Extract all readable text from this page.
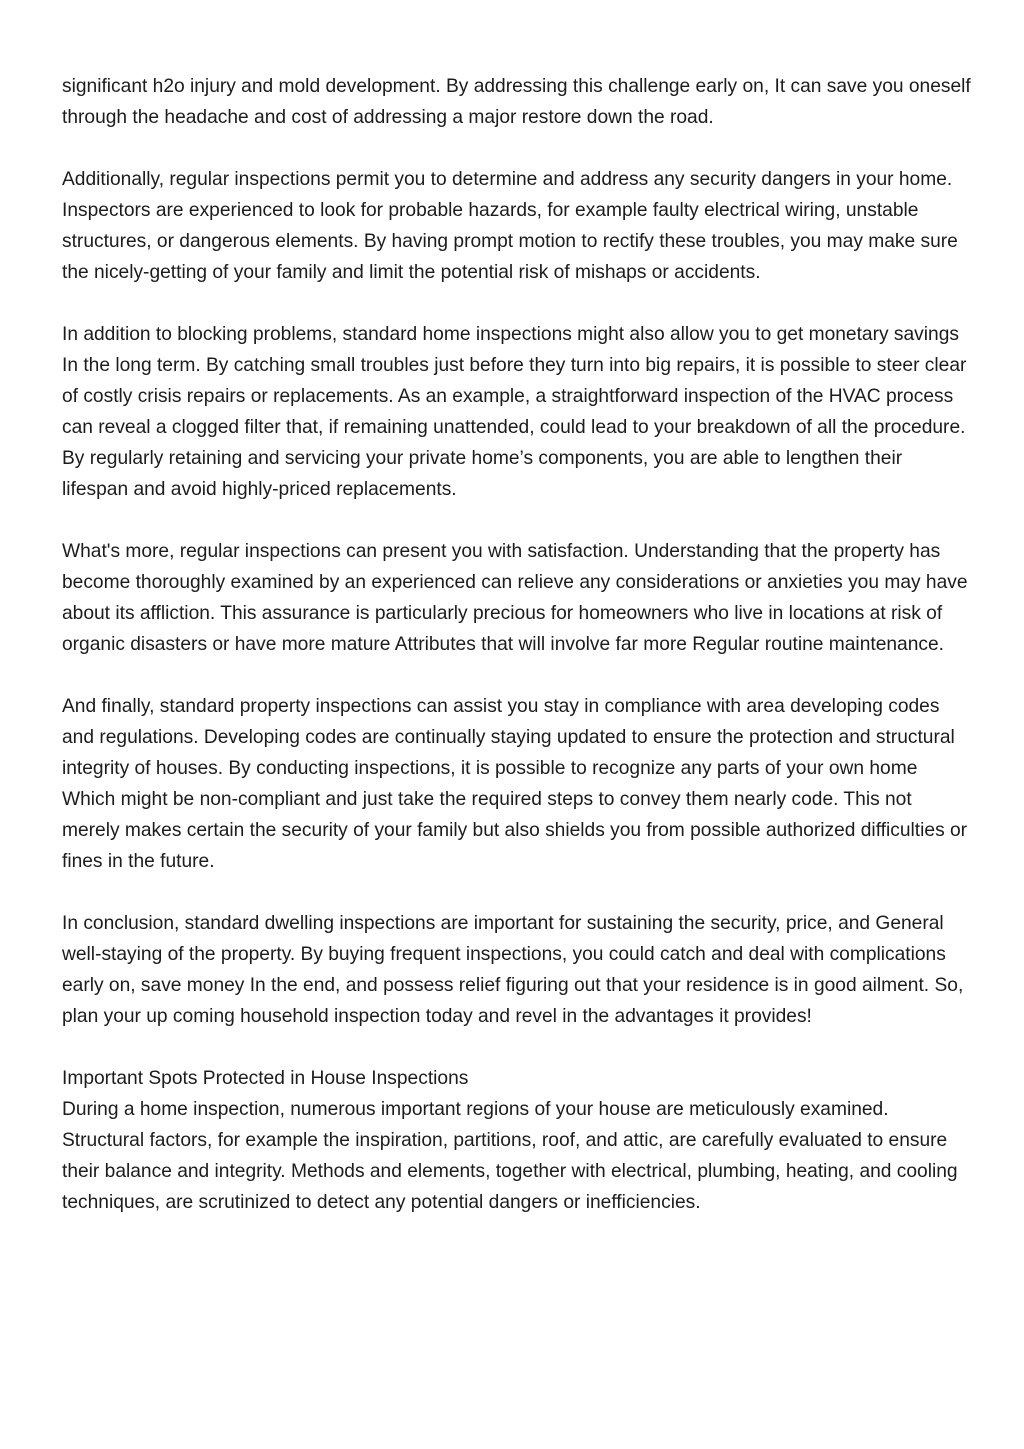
significant h2o injury and mold development. By addressing this challenge early on, It can save you oneself through the headache and cost of addressing a major restore down the road.

Additionally, regular inspections permit you to determine and address any security dangers in your home. Inspectors are experienced to look for probable hazards, for example faulty electrical wiring, unstable structures, or dangerous elements. By having prompt motion to rectify these troubles, you may make sure the nicely-getting of your family and limit the potential risk of mishaps or accidents.

In addition to blocking problems, standard home inspections might also allow you to get monetary savings In the long term. By catching small troubles just before they turn into big repairs, it is possible to steer clear of costly crisis repairs or replacements. As an example, a straightforward inspection of the HVAC process can reveal a clogged filter that, if remaining unattended, could lead to your breakdown of all the procedure. By regularly retaining and servicing your private home’s components, you are able to lengthen their lifespan and avoid highly-priced replacements.

What's more, regular inspections can present you with satisfaction. Understanding that the property has become thoroughly examined by an experienced can relieve any considerations or anxieties you may have about its affliction. This assurance is particularly precious for homeowners who live in locations at risk of organic disasters or have more mature Attributes that will involve far more Regular routine maintenance.

And finally, standard property inspections can assist you stay in compliance with area developing codes and regulations. Developing codes are continually staying updated to ensure the protection and structural integrity of houses. By conducting inspections, it is possible to recognize any parts of your own home Which might be non-compliant and just take the required steps to convey them nearly code. This not merely makes certain the security of your family but also shields you from possible authorized difficulties or fines in the future.

In conclusion, standard dwelling inspections are important for sustaining the security, price, and General well-staying of the property. By buying frequent inspections, you could catch and deal with complications early on, save money In the end, and possess relief figuring out that your residence is in good ailment. So, plan your up coming household inspection today and revel in the advantages it provides!

Important Spots Protected in House Inspections

During a home inspection, numerous important regions of your house are meticulously examined. Structural factors, for example the inspiration, partitions, roof, and attic, are carefully evaluated to ensure their balance and integrity. Methods and elements, together with electrical, plumbing, heating, and cooling techniques, are scrutinized to detect any potential dangers or inefficiencies.
